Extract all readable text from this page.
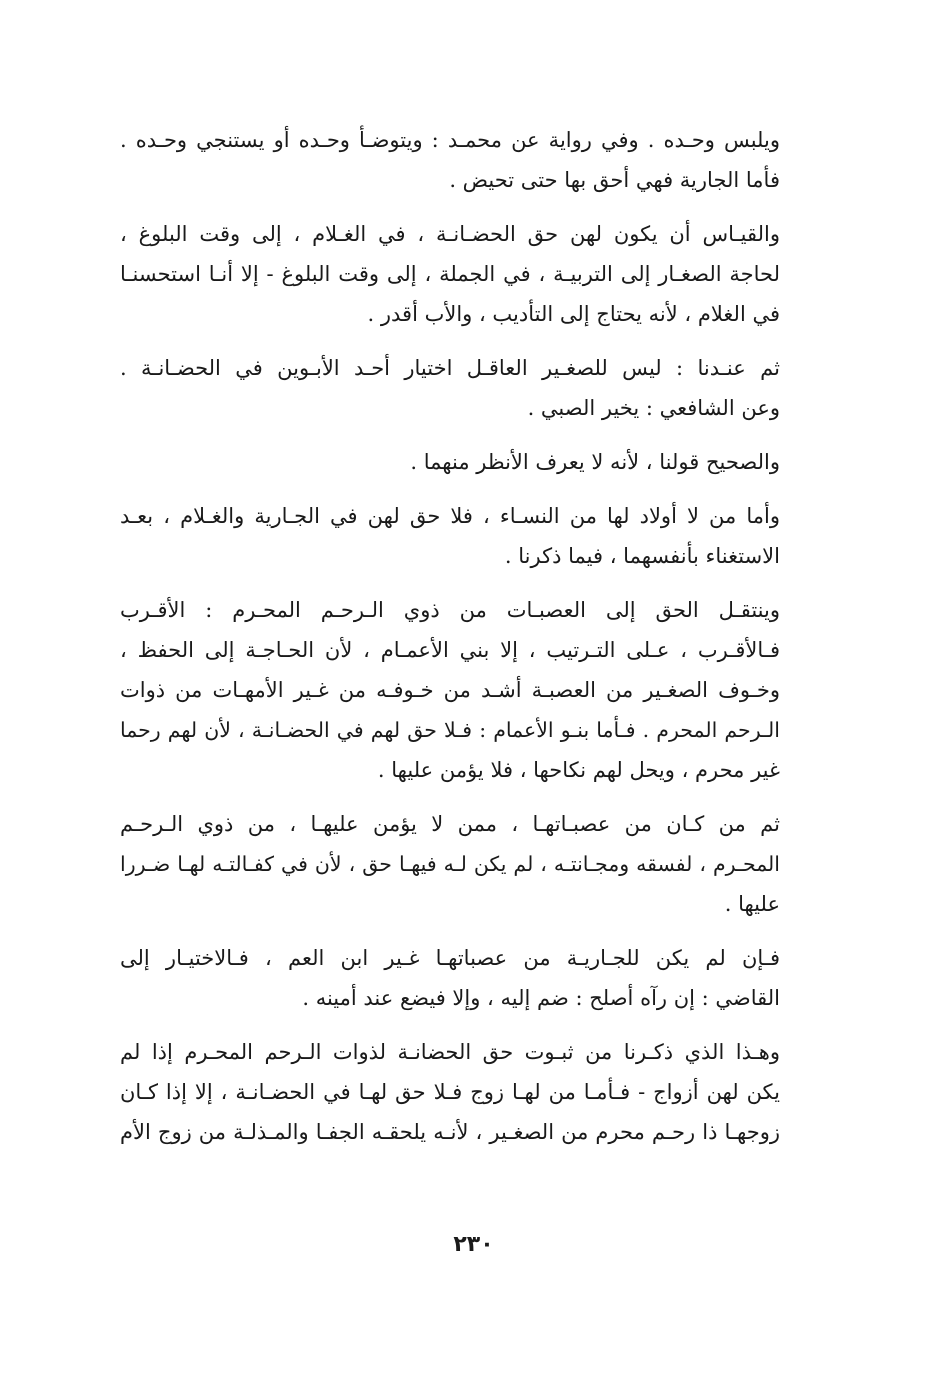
ويلبس وحـده . وفي رواية عن محمـد : ويتوضـأ وحـده أو يستنجي وحـده .
فأما الجارية فهي أحق بها حتى تحيض .
والقيـاس أن يكون لهن حق الحضـانـة ، في الغـلام ، إلى وقت البلوغ ،
لحاجة الصغـار إلى التربيـة ، في الجملة ، إلى وقت البلوغ - إلا أنـا استحسنـا
في الغلام ، لأنه يحتاج إلى التأديب ، والأب أقدر .
ثم عنـدنا : ليس للصغـير العاقـل اختيار أحـد الأبـوين في الحضـانـة .
وعن الشافعي : يخير الصبي .
والصحيح قولنا ، لأنه لا يعرف الأنظر منهما .
وأما من لا أولاد لها من النسـاء ، فلا حق لهن في الجـارية والغـلام ، بعـد
الاستغناء بأنفسهما ، فيما ذكرنا .
وينتقـل الحق إلى العصبـات من ذوي الـرحـم المحـرم : الأقـرب
فـالأقـرب ، عـلى التـرتيب ، إلا بني الأعمـام ، لأن الحـاجـة إلى الحفظ ،
وخـوف الصغـير من العصبـة أشـد من خـوفـه من غـير الأمهـات من ذوات
الـرحم المحرم . فـأما بنـو الأعمام : فـلا حق لهم في الحضـانـة ، لأن لهم رحما
غير محرم ، ويحل لهم نكاحها ، فلا يؤمن عليها .
ثم من كـان من عصبـاتهـا ، ممن لا يؤمن عليهـا ، من ذوي الـرحـم
المحـرم ، لفسقه ومجـانتـه ، لم يكن لـه فيهـا حق ، لأن في كفـالتـه لهـا ضـررا
عليها .
فـإن لم يكن للجـاريـة من عصباتهـا غـير ابن العم ، فـالاختيـار إلى
القاضي : إن رآه أصلح : ضم إليه ، وإلا فيضع عند أمينه .
وهـذا الذي ذكـرنا من ثبـوت حق الحضانـة لذوات الـرحم المحـرم إذا لم
يكن لهن أزواج - فـأمـا من لهـا زوج فـلا حق لهـا في الحضـانـة ، إلا إذا كـان
زوجهـا ذا رحـم محرم من الصغـير ، لأنـه يلحقـه الجفـا والمـذلـة من زوج الأم
٢٣٠
